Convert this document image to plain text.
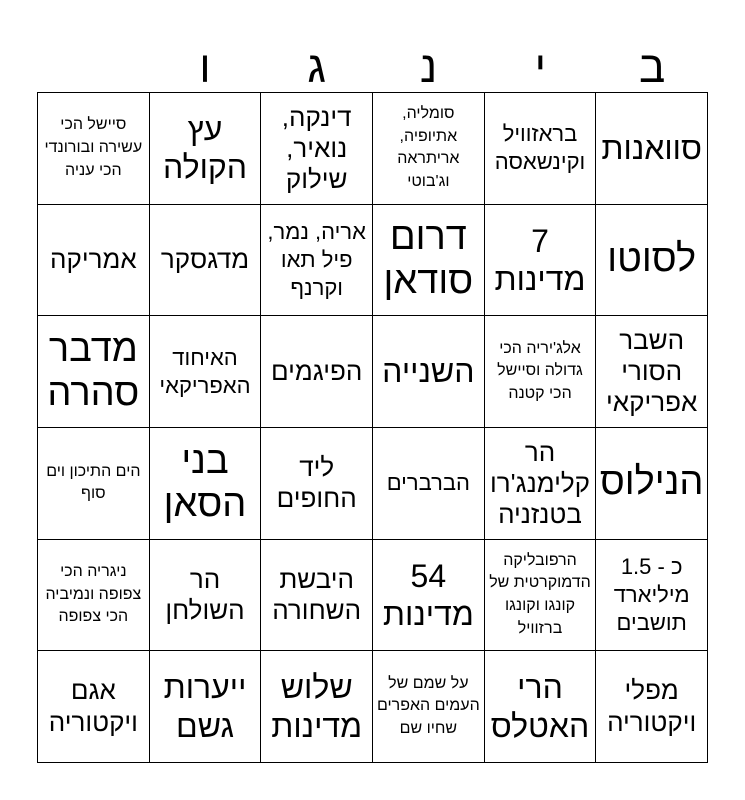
ב
י
נ
ג
ו
סוואנות
בראזוויל וקינשאסה
סומליה, אתיופיה, אריתראה וג'בוטי
דינקה, נואיר, שילוק
עץ הקולה
סיישל הכי עשירה ובורונדי הכי עניה
לסוטו
7 מדינות
דרום סודאן
אריה, נמר, פיל תאו וקרנף
מדגסקר
אמריקה
השבר הסורי אפריקאי
אלג'יריה הכי גדולה וסיישל הכי קטנה
השנייה
הפיגמים
האיחוד האפריקאי
מדבר סהרה
הנילוס
הר קלימנג'רו בטנזניה
הברברים
ליד החופים
בני הסאן
הים התיכון וים סוף
כ - 1.5 מיליארד תושבים
הרפובליקה הדמוקרטית של קונגו וקונגו ברזוויל
54 מדינות
היבשת השחורה
הר השולחן
ניגריה הכי צפופה ונמיביה הכי צפופה
מפלי ויקטוריה
הרי האטלס
על שמם של העמים האפרים שחיו שם
שלוש מדינות
ייערות גשם
אגם ויקטוריה
